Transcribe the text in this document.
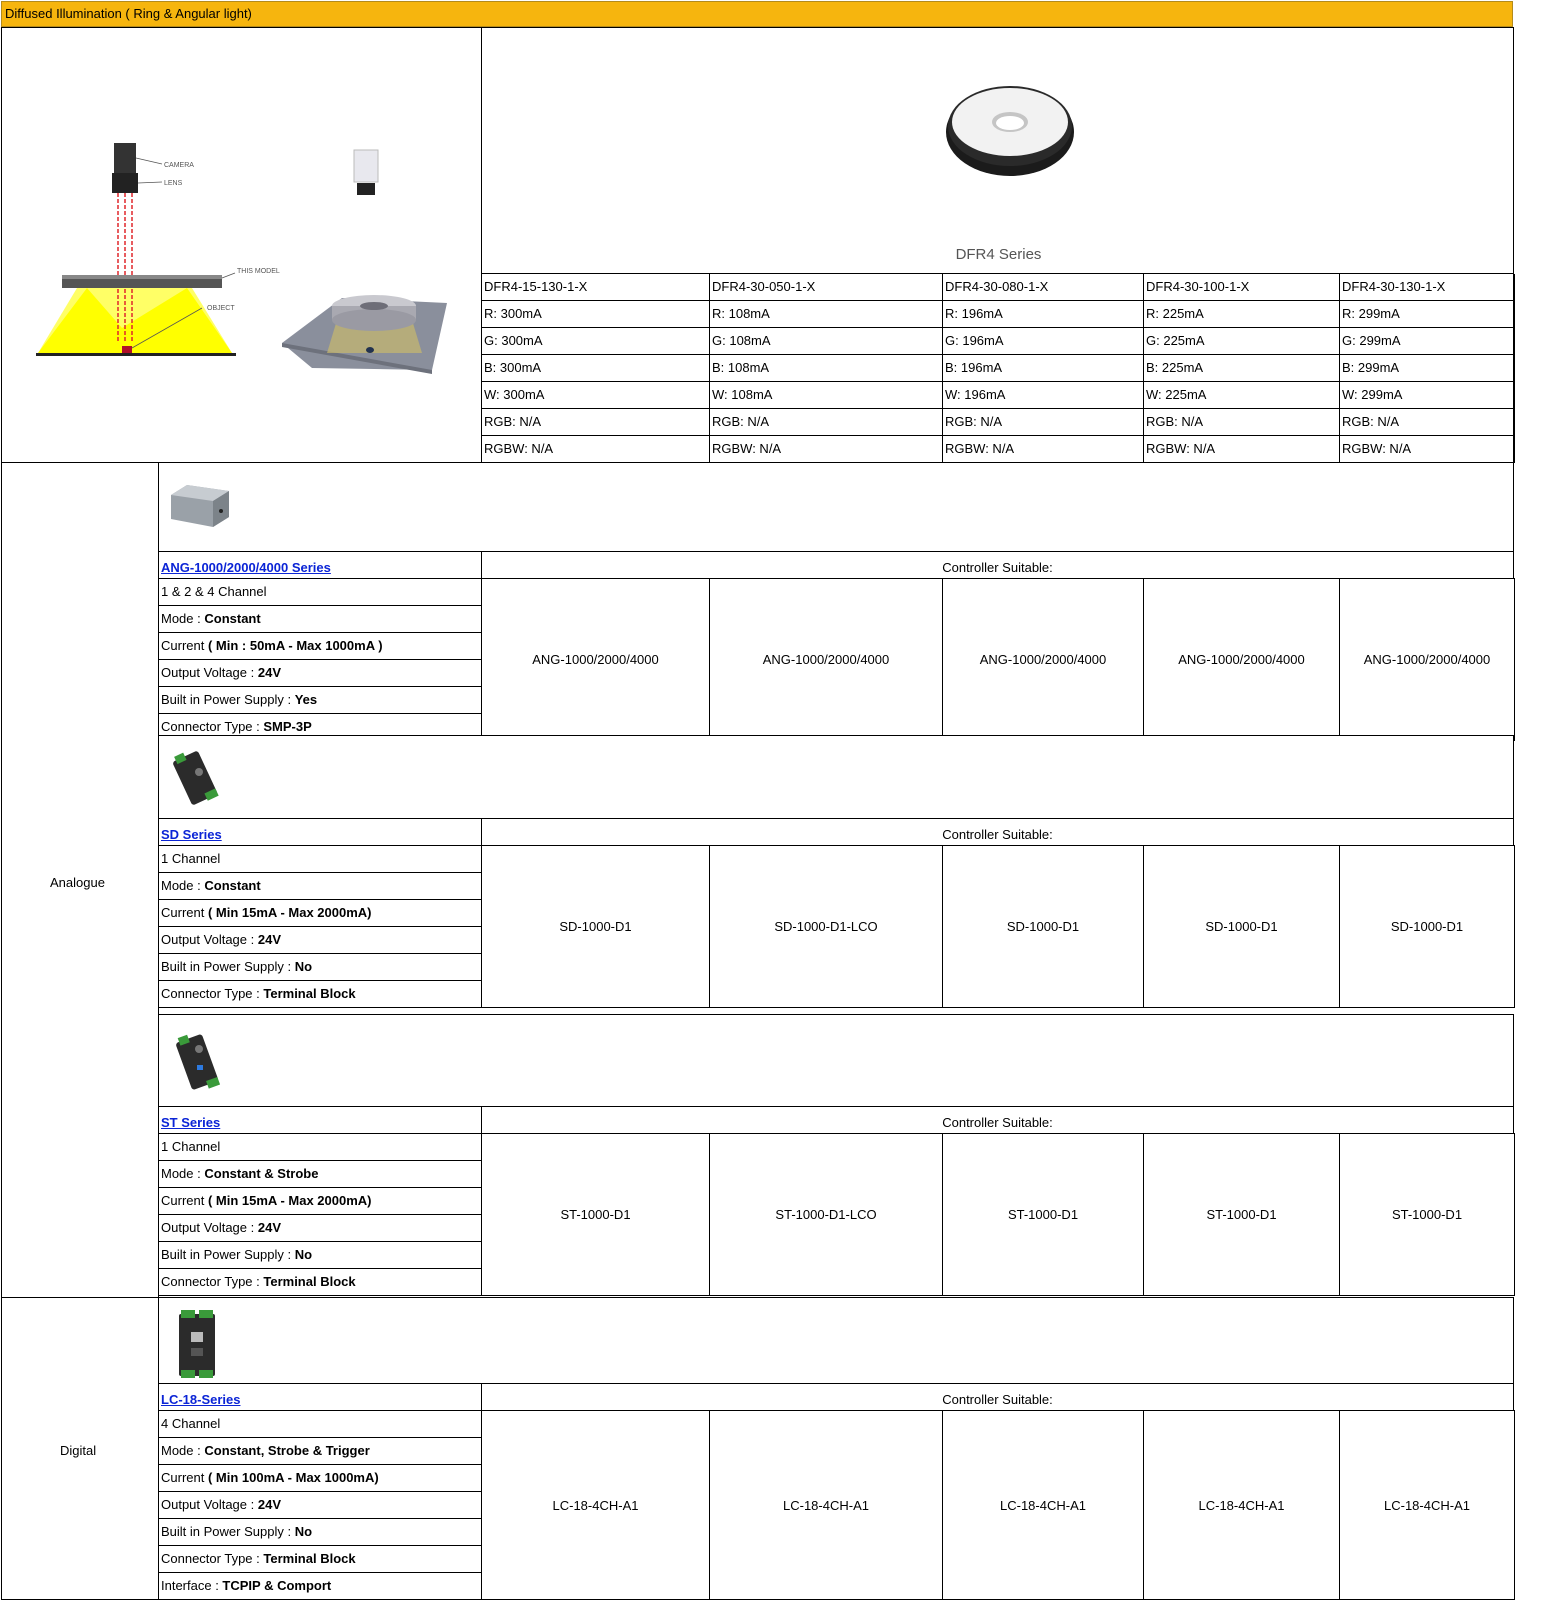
Diffused Illumination ( Ring & Angular light)
CAMERA
LENS
THIS MODEL
OBJECT
DFR4 Series
DFR4-15-130-1-X	DFR4-30-050-1-X	DFR4-30-080-1-X	DFR4-30-100-1-X	DFR4-30-130-1-X
R: 300mA	R: 108mA	R: 196mA	R: 225mA	R: 299mA
G: 300mA	G: 108mA	G: 196mA	G: 225mA	G: 299mA
B: 300mA	B: 108mA	B: 196mA	B: 225mA	B: 299mA
W: 300mA	W: 108mA	W: 196mA	W: 225mA	W: 299mA
RGB: N/A	RGB: N/A	RGB: N/A	RGB: N/A	RGB: N/A
RGBW: N/A	RGBW: N/A	RGBW: N/A	RGBW: N/A	RGBW: N/A
Analogue
Digital
ANG-1000/2000/4000 Series	Controller Suitable:
1 & 2 & 4 Channel
Mode : Constant
Current ( Min : 50mA - Max 1000mA )
Output Voltage : 24V
Built in Power Supply : Yes
Connector Type : SMP-3P
ANG-1000/2000/4000	ANG-1000/2000/4000	ANG-1000/2000/4000	ANG-1000/2000/4000	ANG-1000/2000/4000
SD Series	Controller Suitable:
1 Channel
Mode : Constant
Current ( Min 15mA - Max 2000mA)
Output Voltage : 24V
Built in Power Supply : No
Connector Type : Terminal Block
SD-1000-D1	SD-1000-D1-LCO	SD-1000-D1	SD-1000-D1	SD-1000-D1
ST Series	Controller Suitable:
1 Channel
Mode : Constant & Strobe
Current ( Min 15mA - Max 2000mA)
Output Voltage : 24V
Built in Power Supply : No
Connector Type : Terminal Block
ST-1000-D1	ST-1000-D1-LCO	ST-1000-D1	ST-1000-D1	ST-1000-D1
LC-18-Series	Controller Suitable:
4 Channel
Mode : Constant, Strobe & Trigger
Current ( Min 100mA - Max 1000mA)
Output Voltage : 24V
Built in Power Supply : No
Connector Type : Terminal Block
Interface : TCPIP & Comport
LC-18-4CH-A1	LC-18-4CH-A1	LC-18-4CH-A1	LC-18-4CH-A1	LC-18-4CH-A1
